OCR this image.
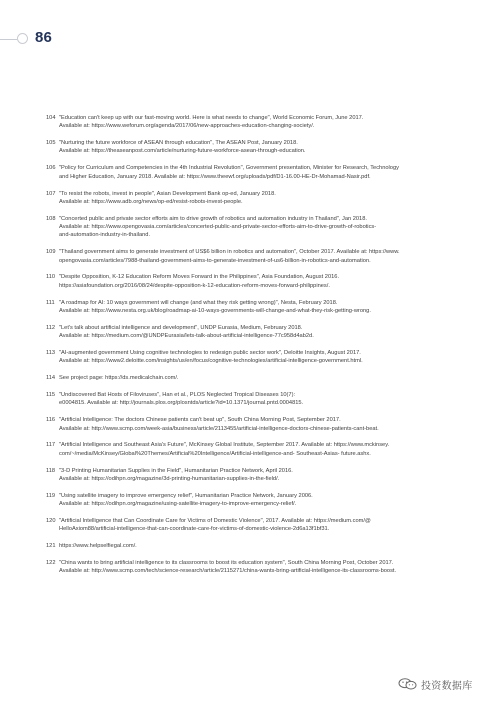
86
104 "Education can't keep up with our fast-moving world. Here is what needs to change", World Economic Forum, June 2017.
Available at: https://www.weforum.org/agenda/2017/06/new-approaches-education-changing-society/.
105 "Nurturing the future workforce of ASEAN through education", The ASEAN Post, January 2018.
Available at: https://theaseanpost.com/article/nurturing-future-workforce-asean-through-education.
106 "Policy for Curriculum and Competencies in the 4th Industrial Revolution", Government presentation, Minister for Research, Technology
and Higher Education, January 2018. Available at: https://www.theewf.org/uploads/pdf/D1-16.00-HE-Dr-Mohamad-Nasir.pdf.
107 "To resist the robots, invest in people", Asian Development Bank op-ed, January 2018.
Available at: https://www.adb.org/news/op-ed/resist-robots-invest-people.
108 "Concerted public and private sector efforts aim to drive growth of robotics and automation industry in Thailand", Jan 2018.
Available at: https://www.opengovasia.com/articles/concerted-public-and-private-sector-efforts-aim-to-drive-growth-of-robotics-
and-automation-industry-in-thailand.
109 "Thailand government aims to generate investment of US$6 billion in robotics and automation", October 2017. Available at: https://www.
opengovasia.com/articles/7988-thailand-government-aims-to-generate-investment-of-us6-billion-in-robotics-and-automation.
110 "Despite Opposition, K-12 Education Reform Moves Forward in the Philippines", Asia Foundation, August 2016.
https://asiafoundation.org/2016/08/24/despite-opposition-k-12-education-reform-moves-forward-philippines/.
111 "A roadmap for AI: 10 ways government will change (and what they risk getting wrong)", Nesta, February 2018.
Available at: https://www.nesta.org.uk/blog/roadmap-ai-10-ways-governments-will-change-and-what-they-risk-getting-wrong.
112 "Let's talk about artificial intelligence and development", UNDP Eurasia, Medium, February 2018.
Available at: https://medium.com/@UNDPEurasia/lets-talk-about-artificial-intelligence-77c958d4ab2d.
113 "AI-augmented government Using cognitive technologies to redesign public sector work", Deloitte Insights, August 2017.
Available at: https://www2.deloitte.com/insights/us/en/focus/cognitive-technologies/artificial-intelligence-government.html.
114 See project page: https://ds.medicalchain.com/.
115 "Undiscovered Bat Hosts of Filoviruses", Han et al., PLOS Neglected Tropical Diseases 10(7):
e0004815. Available at: http://journals.plos.org/plosntds/article?id=10.1371/journal.pntd.0004815.
116 "Artificial Intelligence: The doctors Chinese patients can't beat up", South China Morning Post, September 2017.
Available at: http://www.scmp.com/week-asia/business/article/2113455/artificial-intelligence-doctors-chinese-patients-cant-beat.
117 "Artificial Intelligence and Southeast Asia's Future", McKinsey Global Institute, September 2017. Available at: https://www.mckinsey.
com/~/media/McKinsey/Global%20Themes/Artificial%20Intelligence/Artificial-intelligence-and- Southeast-Asias- future.ashx.
118 "3-D Printing Humanitarian Supplies in the Field", Humanitarian Practice Network, April 2016.
Available at: https://odihpn.org/magazine/3d-printing-humanitarian-supplies-in-the-field/.
119 "Using satellite imagery to improve emergency relief", Humanitarian Practice Network, January 2006.
Available at: https://odihpn.org/magazine/using-satellite-imagery-to-improve-emergency-relief/.
120 "Artificial Intelligence that Can Coordinate Care for Victims of Domestic Violence", 2017. Available at: https://medium.com/@
HelloAxiom88/artificial-intelligence-that-can-coordinate-care-for-victims-of-domestic-violence-2d6a13f1bf31.
121 https://www.helpselfiegal.com/.
122 "China wants to bring artificial intelligence to its classrooms to boost its education system", South China Morning Post, October 2017.
Available at: http://www.scmp.com/tech/science-research/article/2115271/china-wants-bring-artificial-intelligence-its-classrooms-boost.
投资数据库
